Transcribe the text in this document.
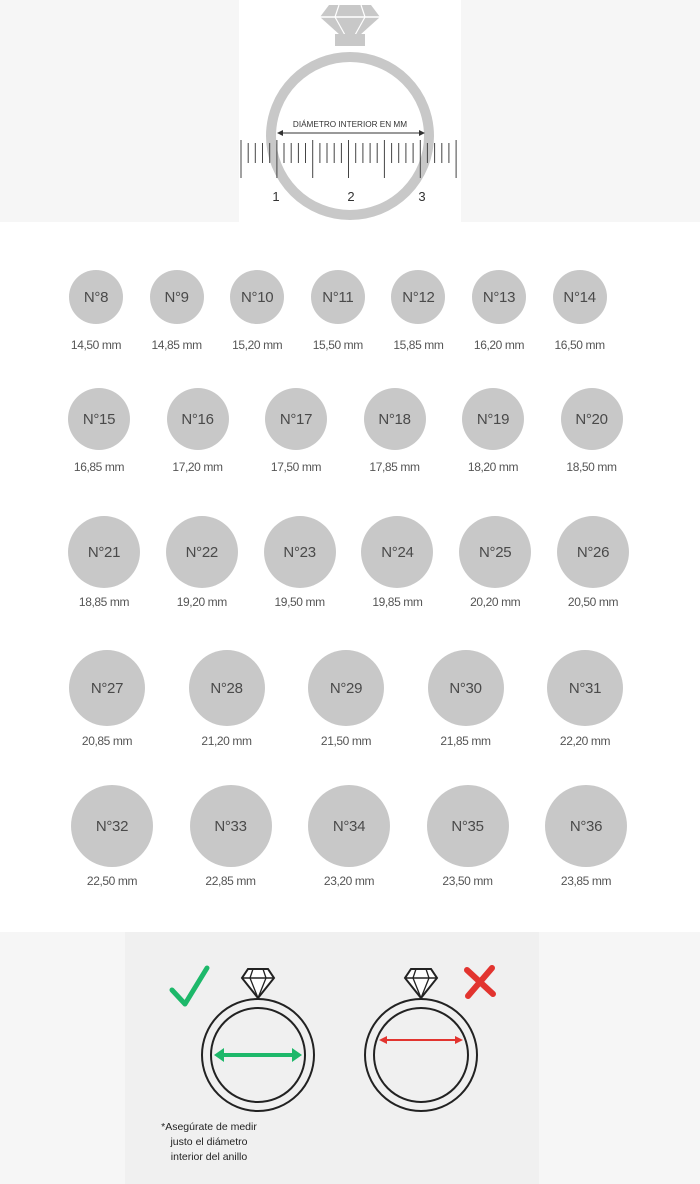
DIÁMETRO INTERIOR EN MM
1	2	3
N°8
14,50 mm
N°9
14,85 mm
N°10
15,20 mm
N°11
15,50 mm
N°12
15,85 mm
N°13
16,20 mm
N°14
16,50 mm
N°15
16,85 mm
N°16
17,20 mm
N°17
17,50 mm
N°18
17,85 mm
N°19
18,20 mm
N°20
18,50 mm
N°21
18,85 mm
N°22
19,20 mm
N°23
19,50 mm
N°24
19,85 mm
N°25
20,20 mm
N°26
20,50 mm
N°27
20,85 mm
N°28
21,20 mm
N°29
21,50 mm
N°30
21,85 mm
N°31
22,20 mm
N°32
22,50 mm
N°33
22,85 mm
N°34
23,20 mm
N°35
23,50 mm
N°36
23,85 mm
*Asegúrate de medir
justo el diámetro
interior del anillo
